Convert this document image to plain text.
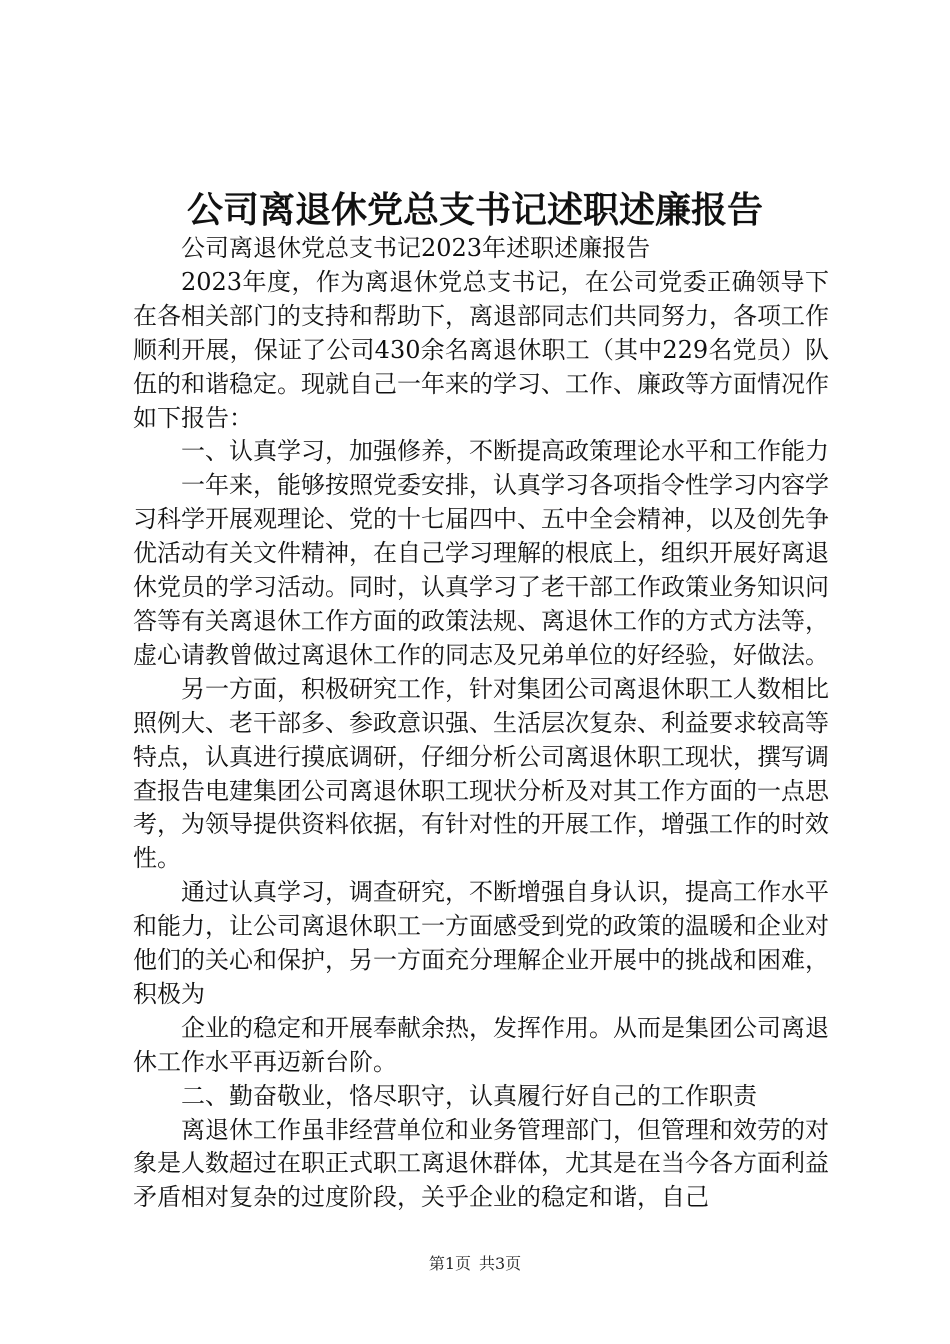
公司离退休党总支书记述职述廉报告

公司离退休党总支书记2023年述职述廉报告

2023年度，作为离退休党总支书记，在公司党委正确领导下在各相关部门的支持和帮助下，离退部同志们共同努力，各项工作顺利开展，保证了公司430余名离退休职工（其中229名党员）队伍的和谐稳定。现就自己一年来的学习、工作、廉政等方面情况作如下报告：

一、认真学习，加强修养，不断提高政策理论水平和工作能力

一年来，能够按照党委安排，认真学习各项指令性学习内容学习科学开展观理论、党的十七届四中、五中全会精神，以及创先争优活动有关文件精神，在自己学习理解的根底上，组织开展好离退休党员的学习活动。同时，认真学习了老干部工作政策业务知识问答等有关离退休工作方面的政策法规、离退休工作的方式方法等，虚心请教曾做过离退休工作的同志及兄弟单位的好经验，好做法。

另一方面，积极研究工作，针对集团公司离退休职工人数相比照例大、老干部多、参政意识强、生活层次复杂、利益要求较高等特点，认真进行摸底调研，仔细分析公司离退休职工现状，撰写调查报告电建集团公司离退休职工现状分析及对其工作方面的一点思考，为领导提供资料依据，有针对性的开展工作，增强工作的时效性。

通过认真学习，调查研究，不断增强自身认识，提高工作水平和能力，让公司离退休职工一方面感受到党的政策的温暖和企业对他们的关心和保护，另一方面充分理解企业开展中的挑战和困难，积极为

企业的稳定和开展奉献余热，发挥作用。从而是集团公司离退休工作水平再迈新台阶。

二、勤奋敬业，恪尽职守，认真履行好自己的工作职责

离退休工作虽非经营单位和业务管理部门，但管理和效劳的对象是人数超过在职正式职工离退休群体，尤其是在当今各方面利益矛盾相对复杂的过度阶段，关乎企业的稳定和谐，自己

第1页 共3页
